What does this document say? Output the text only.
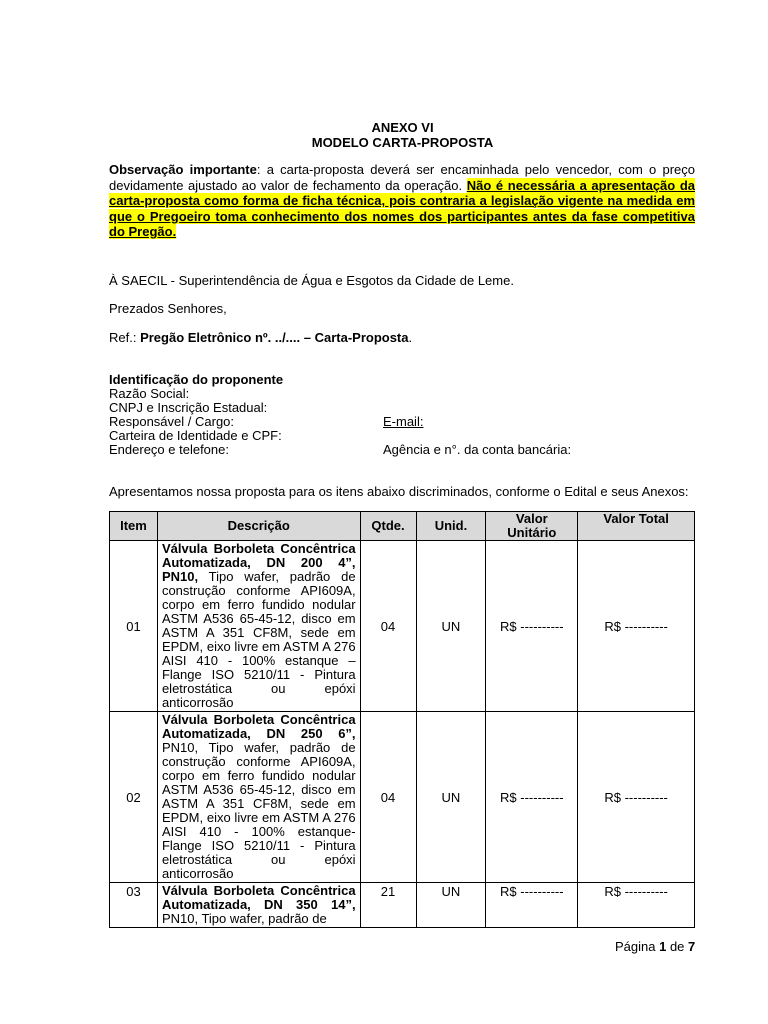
ANEXO VI
MODELO CARTA-PROPOSTA
Observação importante: a carta-proposta deverá ser encaminhada pelo vencedor, com o preço devidamente ajustado ao valor de fechamento da operação. Não é necessária a apresentação da carta-proposta como forma de ficha técnica, pois contraria a legislação vigente na medida em que o Pregoeiro toma conhecimento dos nomes dos participantes antes da fase competitiva do Pregão.
À SAECIL - Superintendência de Água e Esgotos da Cidade de Leme.
Prezados Senhores,
Ref.: Pregão Eletrônico nº. ../.... – Carta-Proposta.
Identificação do proponente
Razão Social:
CNPJ e Inscrição Estadual:
Responsável / Cargo:	E-mail:
Carteira de Identidade e CPF:
Endereço e telefone:	Agência e n°. da conta bancária:
Apresentamos nossa proposta para os itens abaixo discriminados, conforme o Edital e seus Anexos:
Item	Descrição	Qtde.	Unid.	Valor Unitário	Valor Total
01	Válvula Borboleta Concêntrica Automatizada, DN 200 4”, PN10, Tipo wafer, padrão de construção conforme API609A, corpo em ferro fundido nodular ASTM A536 65-45-12, disco em ASTM A 351 CF8M, sede em EPDM, eixo livre em ASTM A 276 AISI 410 - 100% estanque – Flange ISO 5210/11 - Pintura eletrostática ou epóxi anticorrosão	04	UN	R$ ----------	R$ ----------
02	Válvula Borboleta Concêntrica Automatizada, DN 250 6”, PN10, Tipo wafer, padrão de construção conforme API609A, corpo em ferro fundido nodular ASTM A536 65-45-12, disco em ASTM A 351 CF8M, sede em EPDM, eixo livre em ASTM A 276 AISI 410 - 100% estanque- Flange ISO 5210/11 - Pintura eletrostática ou epóxi anticorrosão	04	UN	R$ ----------	R$ ----------
03	Válvula Borboleta Concêntrica Automatizada, DN 350 14”, PN10, Tipo wafer, padrão de	21	UN	R$ ----------	R$ ----------
Página 1 de 7
